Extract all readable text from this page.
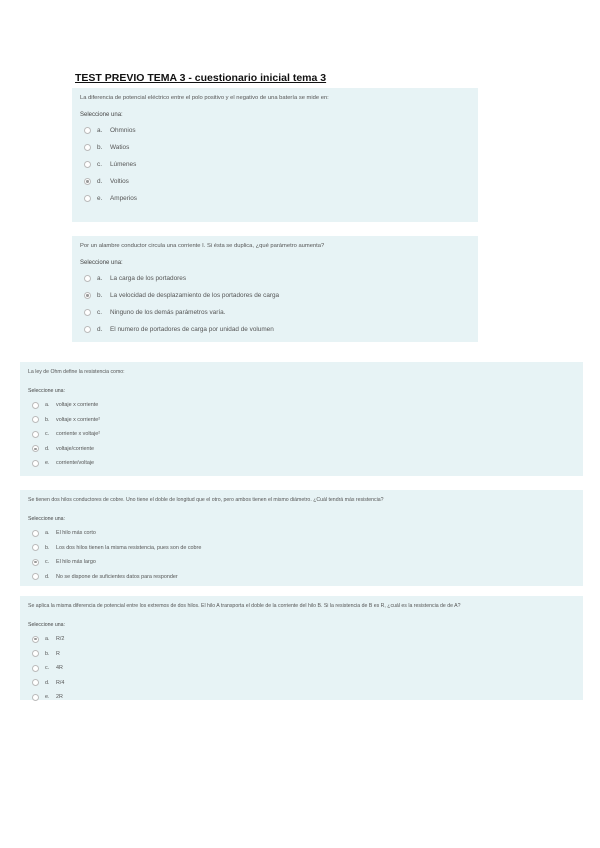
TEST PREVIO TEMA 3 - cuestionario inicial tema 3
La diferencia de potencial eléctrico entre el polo positivo y el negativo de una batería se mide en:
Seleccione una:
a.	Ohmnios
b.	Watios
c.	Lúmenes
d.	Voltios
e.	Amperios
Por un alambre conductor circula una corriente I. Si ésta se duplica, ¿qué parámetro aumenta?
Seleccione una:
a.	La carga de los portadores
b.	La velocidad de desplazamiento de los portadores de carga
c.	Ninguno de los demás parámetros varía.
d.	El numero de portadores de carga por unidad de volumen
La ley de Ohm define la resistencia como:
Seleccione una:
a.	voltaje x corriente
b.	voltaje x corriente²
c.	corriente x voltaje²
d.	voltaje/corriente
e.	corriente/voltaje
Se tienen dos hilos conductores de cobre. Uno tiene el doble de longitud que el otro, pero ambos tienen el mismo diámetro. ¿Cuál tendrá más resistencia?
Seleccione una:
a.	El hilo más corto
b.	Los dos hilos tienen la misma resistencia, pues son de cobre
c.	El hilo más largo
d.	No se dispone de suficientes datos para responder
Se aplica la misma diferencia de potencial entre los extremos de dos hilos. El hilo A transporta el doble de la corriente del hilo B. Si la resistencia de B es R, ¿cuál es la resistencia de de A?
Seleccione una:
a.	R/2
b.	R
c.	4R
d.	R/4
e.	2R
